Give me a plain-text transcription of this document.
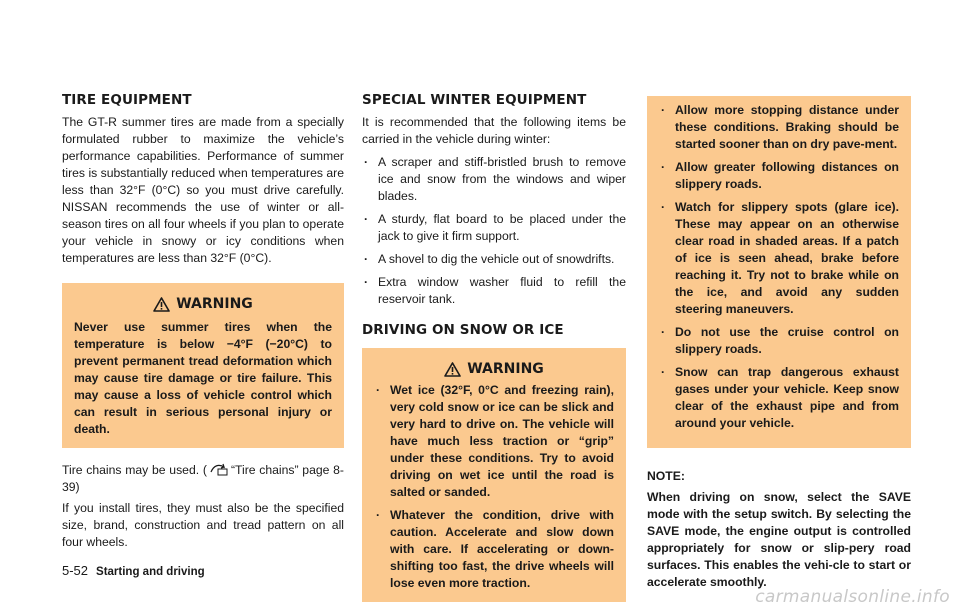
TIRE EQUIPMENT

The GT-R summer tires are made from a specially formulated rubber to maximize the vehicle’s performance capabilities. Performance of summer tires is substantially reduced when temperatures are less than 32°F (0°C) so you must drive carefully. NISSAN recommends the use of winter or all-season tires on all four wheels if you plan to operate your vehicle in snowy or icy conditions when temperatures are less than 32°F (0°C).

WARNING

Never use summer tires when the temperature is below −4°F (−20°C) to prevent permanent tread deformation which may cause tire damage or tire failure. This may cause a loss of vehicle control which can result in serious personal injury or death.

Tire chains may be used. ( “Tire chains” page 8-39)

If you install tires, they must also be the specified size, brand, construction and tread pattern on all four wheels.

SPECIAL WINTER EQUIPMENT

It is recommended that the following items be carried in the vehicle during winter:

. A scraper and stiff-bristled brush to remove ice and snow from the windows and wiper blades.
. A sturdy, flat board to be placed under the jack to give it firm support.
. A shovel to dig the vehicle out of snowdrifts.
. Extra window washer fluid to refill the reservoir tank.
DRIVING ON SNOW OR ICE
WARNING
. Wet ice (32°F, 0°C and freezing rain), very cold snow or ice can be slick and very hard to drive on. The vehicle will have much less traction or “grip” under these conditions. Try to avoid driving on wet ice until the road is salted or sanded.
. Whatever the condition, drive with caution. Accelerate and slow down with care. If accelerating or down-shifting too fast, the drive wheels will lose even more traction.
. Allow more stopping distance under these conditions. Braking should be started sooner than on dry pave-ment.
. Allow greater following distances on slippery roads.
. Watch for slippery spots (glare ice). These may appear on an otherwise clear road in shaded areas. If a patch of ice is seen ahead, brake before reaching it. Try not to brake while on the ice, and avoid any sudden steering maneuvers.
. Do not use the cruise control on slippery roads.
. Snow can trap dangerous exhaust gases under your vehicle. Keep snow clear of the exhaust pipe and from around your vehicle.

NOTE:

When driving on snow, select the SAVE mode with the setup switch. By selecting the SAVE mode, the engine output is controlled appropriately for snow or slip-pery road surfaces. This enables the vehi-cle to start or accelerate smoothly.

5-52 Starting and driving
carmanualsonline.info
